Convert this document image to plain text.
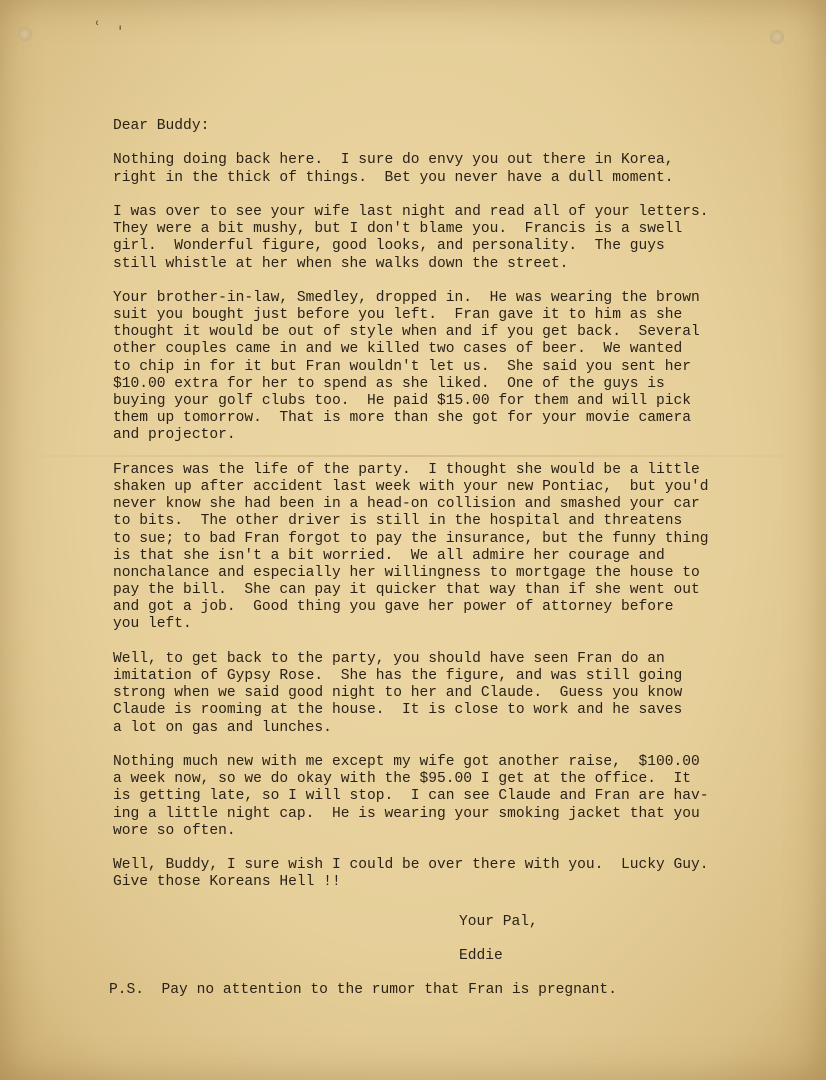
ʿ '
Dear Buddy:
Nothing doing back here.  I sure do envy you out there in Korea,
right in the thick of things.  Bet you never have a dull moment.
I was over to see your wife last night and read all of your letters.
They were a bit mushy, but I don't blame you.  Francis is a swell
girl.  Wonderful figure, good looks, and personality.  The guys
still whistle at her when she walks down the street.
Your brother-in-law, Smedley, dropped in.  He was wearing the brown
suit you bought just before you left.  Fran gave it to him as she
thought it would be out of style when and if you get back.  Several
other couples came in and we killed two cases of beer.  We wanted
to chip in for it but Fran wouldn't let us.  She said you sent her
$10.00 extra for her to spend as she liked.  One of the guys is
buying your golf clubs too.  He paid $15.00 for them and will pick
them up tomorrow.  That is more than she got for your movie camera
and projector.
Frances was the life of the party.  I thought she would be a little
shaken up after accident last week with your new Pontiac,  but you'd
never know she had been in a head-on collision and smashed your car
to bits.  The other driver is still in the hospital and threatens
to sue; to bad Fran forgot to pay the insurance, but the funny thing
is that she isn't a bit worried.  We all admire her courage and
nonchalance and especially her willingness to mortgage the house to
pay the bill.  She can pay it quicker that way than if she went out
and got a job.  Good thing you gave her power of attorney before
you left.
Well, to get back to the party, you should have seen Fran do an
imitation of Gypsy Rose.  She has the figure, and was still going
strong when we said good night to her and Claude.  Guess you know
Claude is rooming at the house.  It is close to work and he saves
a lot on gas and lunches.
Nothing much new with me except my wife got another raise,  $100.00
a week now, so we do okay with the $95.00 I get at the office.  It
is getting late, so I will stop.  I can see Claude and Fran are hav-
ing a little night cap.  He is wearing your smoking jacket that you
wore so often.
Well, Buddy, I sure wish I could be over there with you.  Lucky Guy.
Give those Koreans Hell !!
Your Pal,
Eddie
P.S.  Pay no attention to the rumor that Fran is pregnant.
